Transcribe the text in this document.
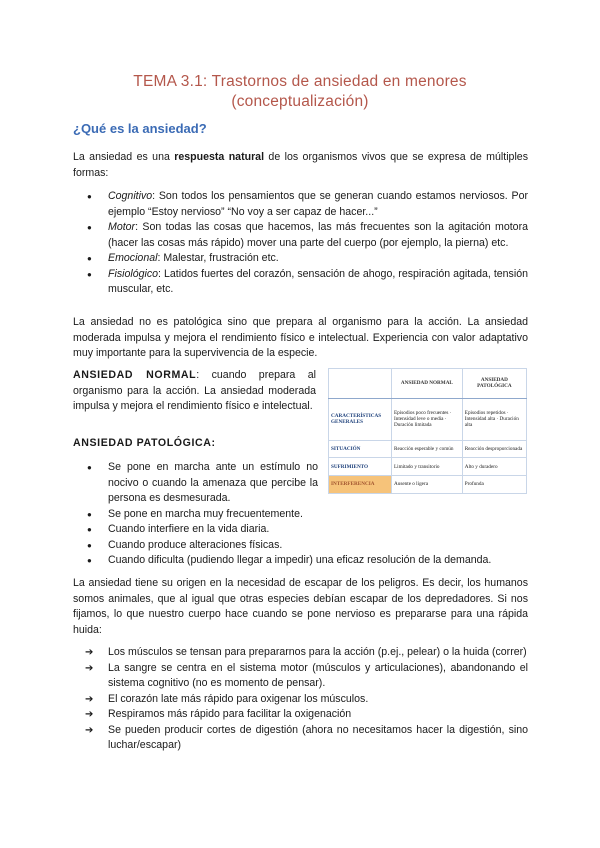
TEMA 3.1: Trastornos de ansiedad en menores
(conceptualización)
¿Qué es la ansiedad?

La ansiedad es una respuesta natural de los organismos vivos que se expresa de múltiples formas:

● Cognitivo: Son todos los pensamientos que se generan cuando estamos nerviosos. Por ejemplo “Estoy nervioso” “No voy a ser capaz de hacer...”
● Motor: Son todas las cosas que hacemos, las más frecuentes son la agitación motora (hacer las cosas más rápido) mover una parte del cuerpo (por ejemplo, la pierna) etc.
● Emocional: Malestar, frustración etc.
● Fisiológico: Latidos fuertes del corazón, sensación de ahogo, respiración agitada, tensión muscular, etc.

La ansiedad no es patológica sino que prepara al organismo para la acción. La ansiedad moderada impulsa y mejora el rendimiento físico e intelectual. Experiencia con valor adaptativo muy importante para la supervivencia de la especie.

ANSIEDAD NORMAL: cuando prepara al organismo para la acción. La ansiedad moderada impulsa y mejora el rendimiento físico e intelectual.

ANSIEDAD PATOLÓGICA:
● Se pone en marcha ante un estímulo no nocivo o cuando la amenaza que percibe la persona es desmesurada.
● Se pone en marcha muy frecuentemente.
● Cuando interfiere en la vida diaria.
● Cuando produce alteraciones físicas.
● Cuando dificulta (pudiendo llegar a impedir) una eficaz resolución de la demanda.
	ANSIEDAD NORMAL	ANSIEDAD PATOLÓGICA
CARACTERÍSTICAS GENERALES	Episodios poco frecuentes · Intensidad leve o media · Duración limitada	Episodios repetidos · Intensidad alta · Duración alta
SITUACIÓN	Reacción esperable y común	Reacción desproporcionada
SUFRIMIENTO	Limitado y transitorio	Alto y duradero
INTERFERENCIA	Ausente o ligera	Profunda

La ansiedad tiene su origen en la necesidad de escapar de los peligros. Es decir, los humanos somos animales, que al igual que otras especies debían escapar de los depredadores. Si nos fijamos, lo que nuestro cuerpo hace cuando se pone nervioso es prepararse para una rápida huida:

➔ Los músculos se tensan para prepararnos para la acción (p.ej., pelear) o la huida (correr)
➔ La sangre se centra en el sistema motor (músculos y articulaciones), abandonando el sistema cognitivo (no es momento de pensar).
➔ El corazón late más rápido para oxigenar los músculos.
➔ Respiramos más rápido para facilitar la oxigenación
➔ Se pueden producir cortes de digestión (ahora no necesitamos hacer la digestión, sino luchar/escapar)
